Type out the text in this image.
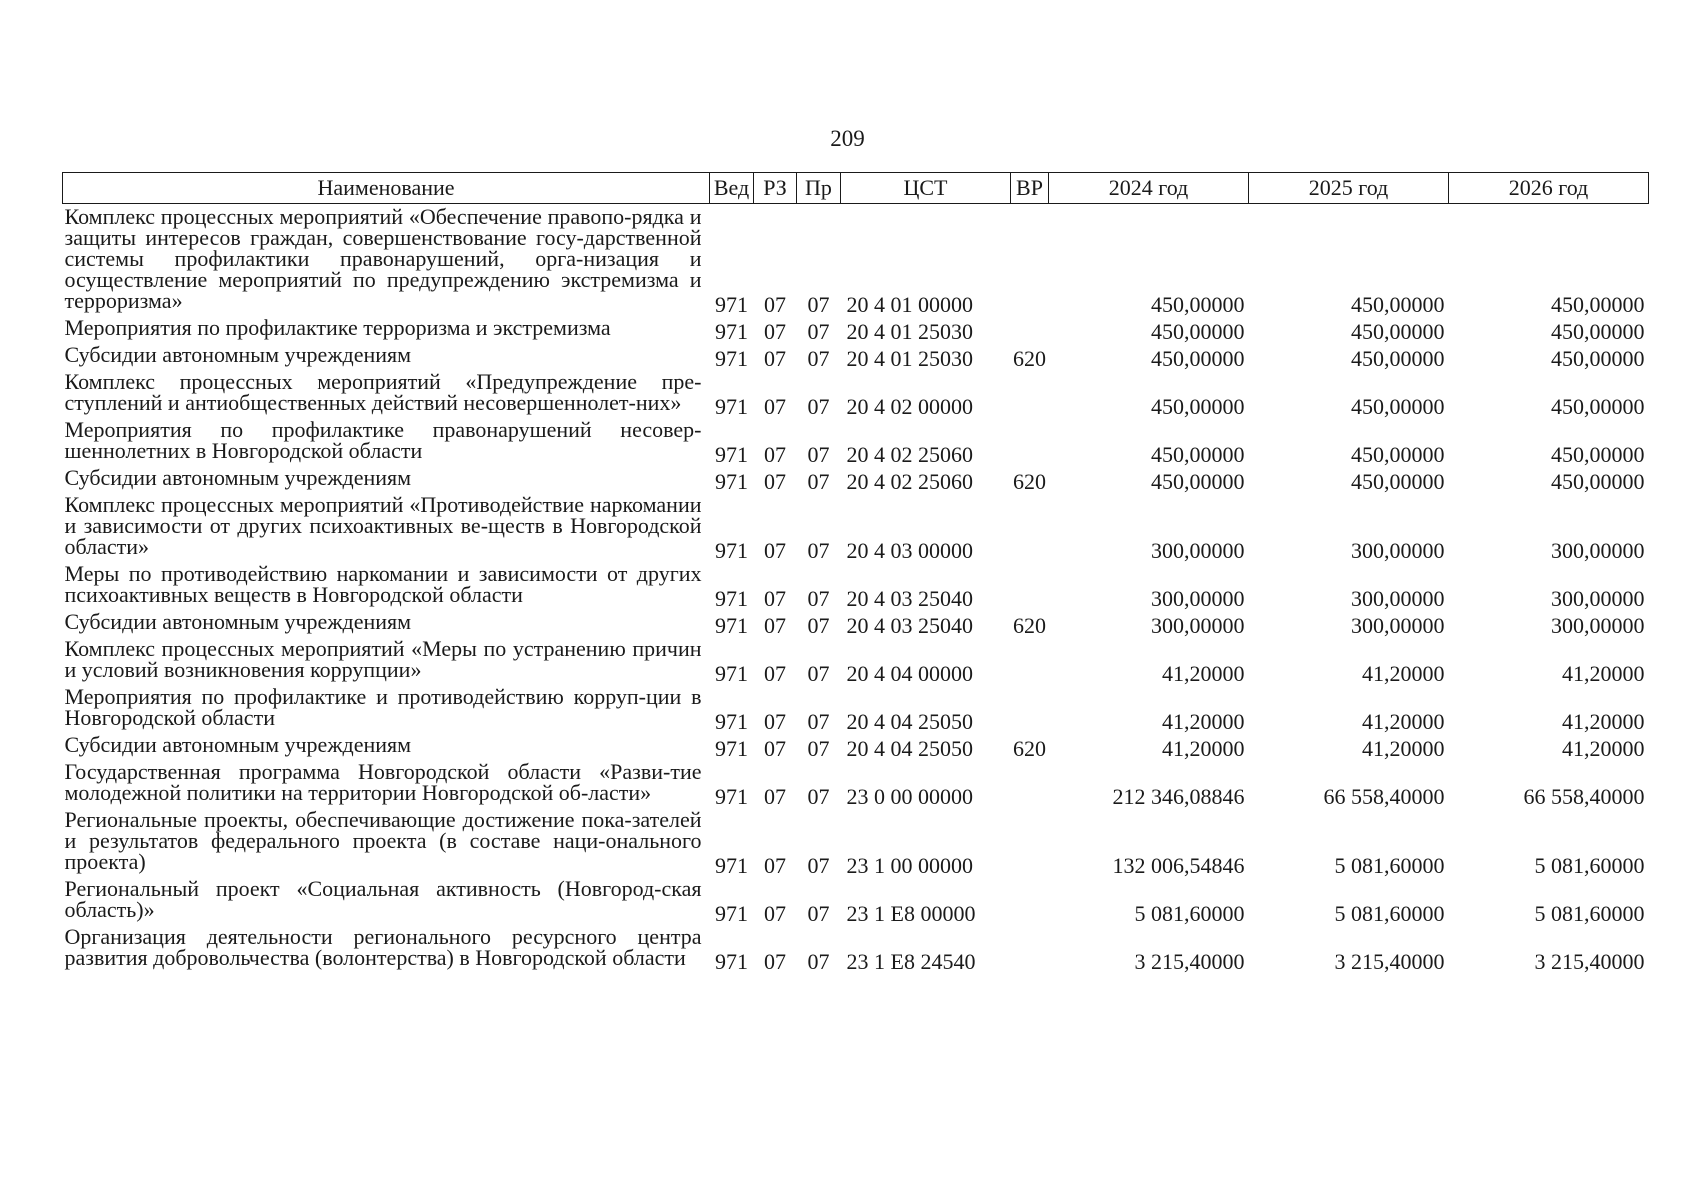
209
Наименование	Вед	РЗ	Пр	ЦСТ	ВР	2024 год	2025 год	2026 год
Комплекс процессных мероприятий «Обеспечение правопо-рядка и защиты интересов граждан, совершенствование госу-дарственной системы профилактики правонарушений, орга-низация и осуществление мероприятий по предупреждению экстремизма и терроризма»	971	07	07	20 4 01 00000		450,00000	450,00000	450,00000
Мероприятия по профилактике терроризма и экстремизма	971	07	07	20 4 01 25030		450,00000	450,00000	450,00000
Субсидии автономным учреждениям	971	07	07	20 4 01 25030	620	450,00000	450,00000	450,00000
Комплекс процессных мероприятий «Предупреждение пре-ступлений и антиобщественных действий несовершеннолет-них»	971	07	07	20 4 02 00000		450,00000	450,00000	450,00000
Мероприятия по профилактике правонарушений несовер-шеннолетних в Новгородской области	971	07	07	20 4 02 25060		450,00000	450,00000	450,00000
Субсидии автономным учреждениям	971	07	07	20 4 02 25060	620	450,00000	450,00000	450,00000
Комплекс процессных мероприятий «Противодействие наркомании и зависимости от других психоактивных ве-ществ в Новгородской области»	971	07	07	20 4 03 00000		300,00000	300,00000	300,00000
Меры по противодействию наркомании и зависимости от других психоактивных веществ в Новгородской области	971	07	07	20 4 03 25040		300,00000	300,00000	300,00000
Субсидии автономным учреждениям	971	07	07	20 4 03 25040	620	300,00000	300,00000	300,00000
Комплекс процессных мероприятий «Меры по устранению причин и условий возникновения коррупции»	971	07	07	20 4 04 00000		41,20000	41,20000	41,20000
Мероприятия по профилактике и противодействию корруп-ции в Новгородской области	971	07	07	20 4 04 25050		41,20000	41,20000	41,20000
Субсидии автономным учреждениям	971	07	07	20 4 04 25050	620	41,20000	41,20000	41,20000
Государственная программа Новгородской области «Разви-тие молодежной политики на территории Новгородской об-ласти»	971	07	07	23 0 00 00000		212 346,08846	66 558,40000	66 558,40000
Региональные проекты, обеспечивающие достижение пока-зателей и результатов федерального проекта (в составе наци-онального проекта)	971	07	07	23 1 00 00000		132 006,54846	5 081,60000	5 081,60000
Региональный проект «Социальная активность (Новгород-ская область)»	971	07	07	23 1 E8 00000		5 081,60000	5 081,60000	5 081,60000
Организация деятельности регионального ресурсного центра развития добровольчества (волонтерства) в Новгородской области	971	07	07	23 1 E8 24540		3 215,40000	3 215,40000	3 215,40000
